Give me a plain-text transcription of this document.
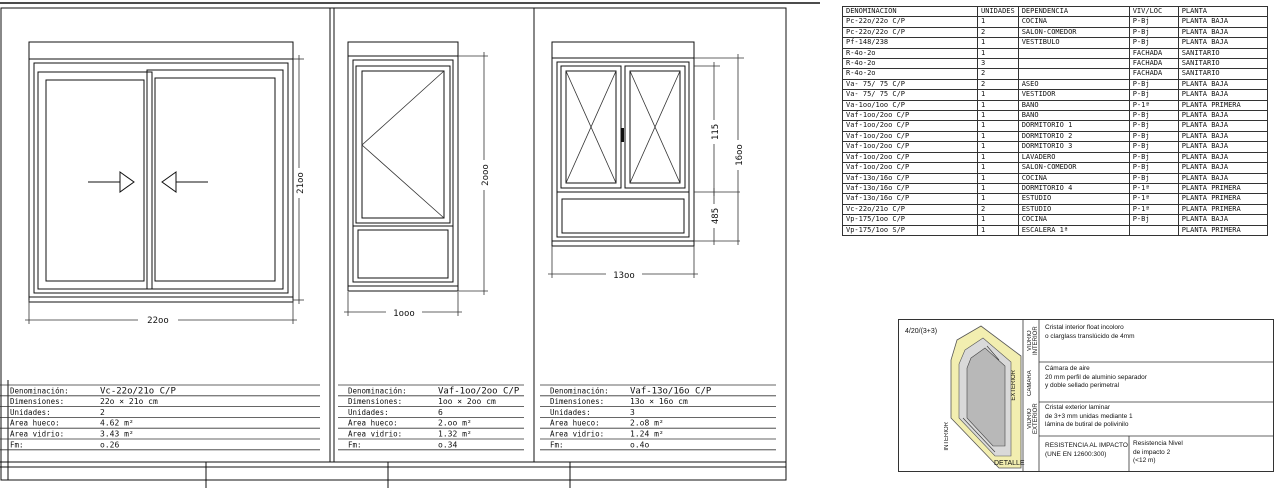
22oo
21oo
1ooo
2ooo
13oo
115
485
16oo
Denominación:	Vc-22o/21o C/P
Dimensiones:	22o × 21o cm
Unidades:	2
Area hueco:	4.62 m²
Area vidrio:	3.43 m²
Fm:	o.26
Denominación:	Vaf-1oo/2oo C/P
Dimensiones:	1oo × 2oo cm
Unidades:	6
Area hueco:	2.oo m²
Area vidrio:	1.32 m²
Fm:	o.34
Denominación: Vaf-13o/16o C/P
Dimensiones:	13o × 16o cm
Unidades:	3
Area hueco:	2.o8 m²
Area vidrio:	1.24 m²
Fm:	o.4o
DENOMINACION	UNIDADES	DEPENDENCIA	VIV/LOC	PLANTA
Pc-22o/22o C/P	1	COCINA	P-Bj	PLANTA BAJA
Pc-22o/22o C/P	2	SALON-COMEDOR	P-Bj	PLANTA BAJA
Pf-148/238	1	VESTIBULO	P-Bj	PLANTA BAJA
R-4o-2o	1		FACHADA	SANITARIO
R-4o-2o	3		FACHADA	SANITARIO
R-4o-2o	2		FACHADA	SANITARIO
Va- 75/ 75 C/P	2	ASEO	P-Bj	PLANTA BAJA
Va- 75/ 75 C/P	1	VESTIDOR	P-Bj	PLANTA BAJA
Va-1oo/1oo C/P	1	BAÑO	P-1ª	PLANTA PRIMERA
Vaf-1oo/2oo C/P	1	BAÑO	P-Bj	PLANTA BAJA
Vaf-1oo/2oo C/P	1	DORMITORIO 1	P-Bj	PLANTA BAJA
Vaf-1oo/2oo C/P	1	DORMITORIO 2	P-Bj	PLANTA BAJA
Vaf-1oo/2oo C/P	1	DORMITORIO 3	P-Bj	PLANTA BAJA
Vaf-1oo/2oo C/P	1	LAVADERO	P-Bj	PLANTA BAJA
Vaf-1oo/2oo C/P	1	SALON-COMEDOR	P-Bj	PLANTA BAJA
Vaf-13o/16o C/P	1	COCINA	P-Bj	PLANTA BAJA
Vaf-13o/16o C/P	1	DORMITORIO 4	P-1ª	PLANTA PRIMERA
Vaf-13o/16o C/P	1	ESTUDIO	P-1ª	PLANTA PRIMERA
Vc-22o/21o C/P	2	ESTUDIO	P-1ª	PLANTA PRIMERA
Vp-175/1oo C/P	1	COCINA	P-Bj	PLANTA BAJA
Vp-175/1oo S/P	1	ESCALERA 1ª		PLANTA PRIMERA
4/20/(3+3)
INTERIOR
EXTERIOR
DETALLE
VIDRIO INTERIOR Cristal interior float incoloro
o clarglass translúcido de 4mm
CAMARA
Cámara de aire
20 mm perfil de aluminio separador
y doble sellado perimetral
VIDRIO EXTERIOR Cristal exterior laminar
de 3+3 mm unidas mediante 1
lámina de butiral de polivinilo
RESISTENCIA AL IMPACTO
(UNE EN 12600:300)
Resistencia Nivel
de impacto 2
(<12 m)
